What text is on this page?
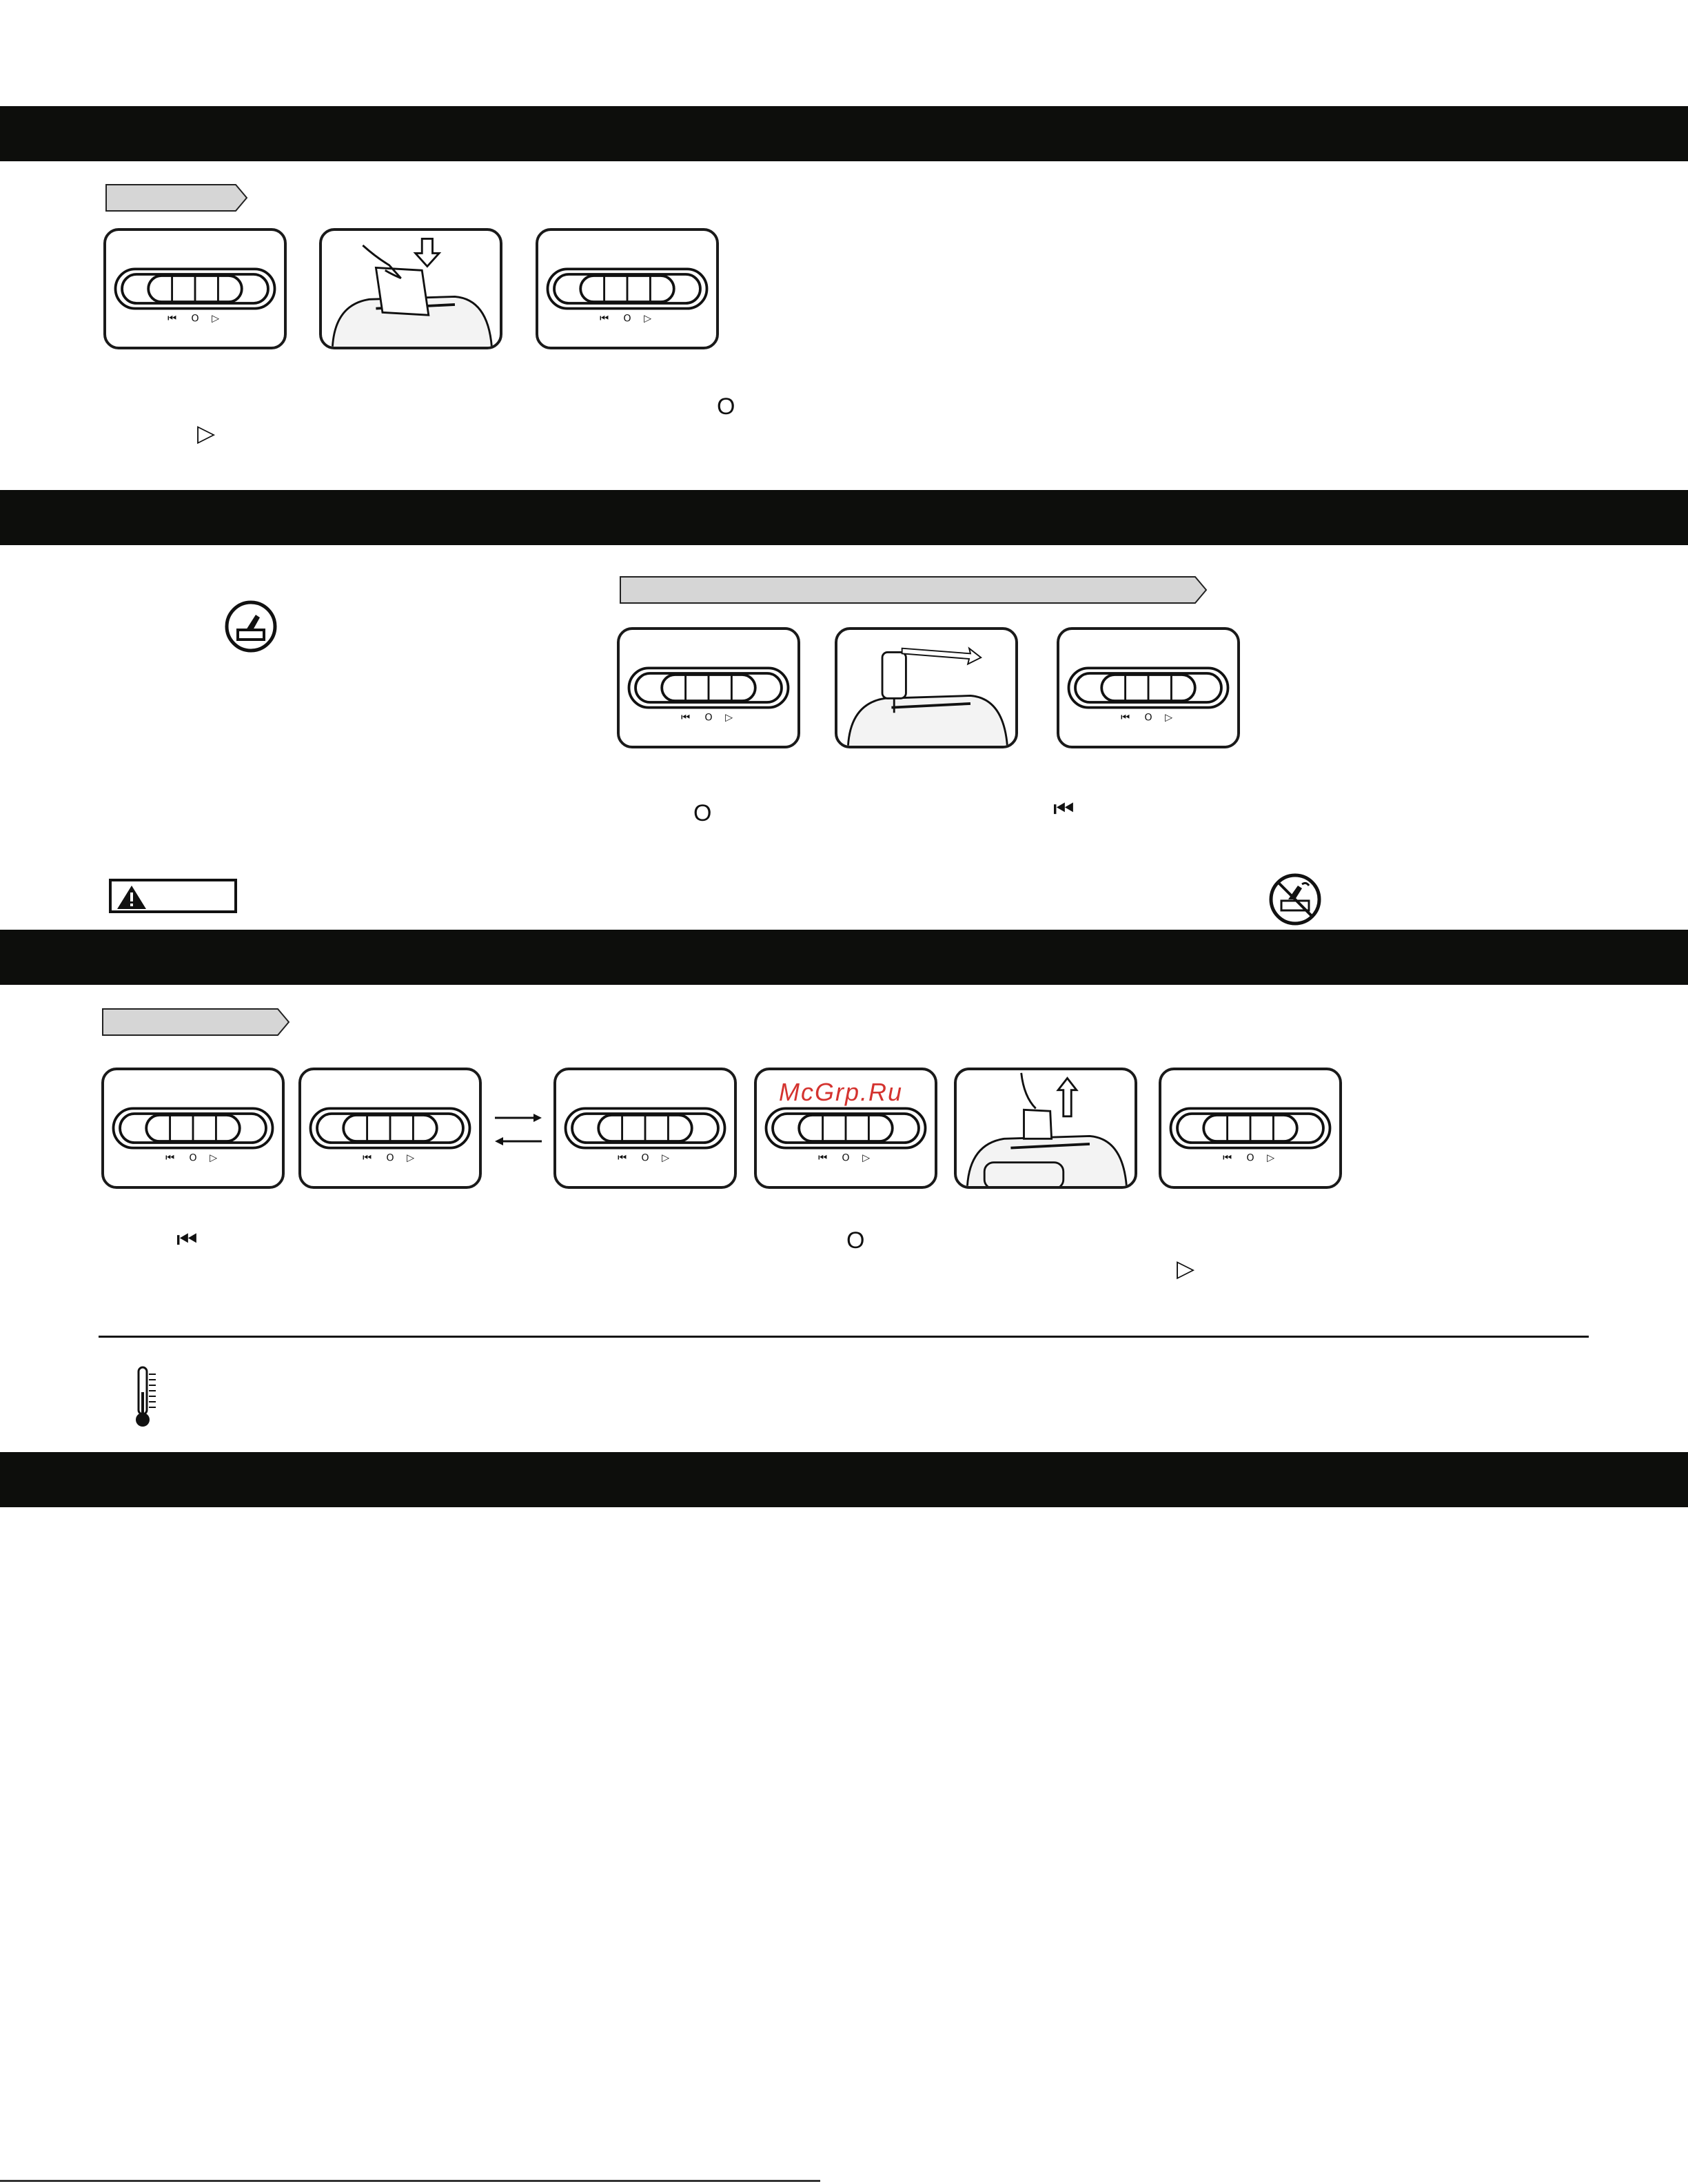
⏮ O ▷	⏮ O ▷
O
▷
⏮ O ▷	⏮ O ▷
O	⏮
⏮ O ▷	⏮ O ▷	⏮ O ▷	⏮ O ▷	⏮ O ▷
McGrp.Ru
⏮	O
▷
